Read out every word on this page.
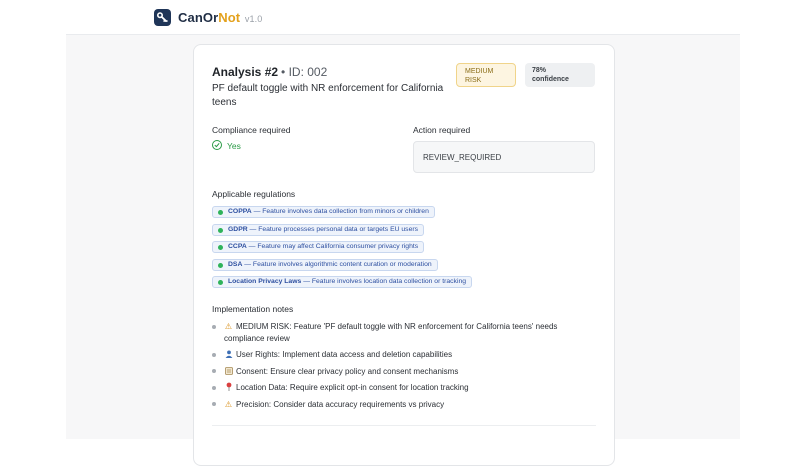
CanOrNot v1.0
Analysis #2 • ID: 002
PF default toggle with NR enforcement for California teens
MEDIUM
RISK
78%
confidence
Compliance required
Yes
Action required
REVIEW_REQUIRED
Applicable regulations
COPPA — Feature involves data collection from minors or children
GDPR — Feature processes personal data or targets EU users
CCPA — Feature may affect California consumer privacy rights
DSA — Feature involves algorithmic content curation or moderation
Location Privacy Laws — Feature involves location data collection or tracking
Implementation notes
⚠ MEDIUM RISK: Feature 'PF default toggle with NR enforcement for California teens' needs compliance review
User Rights: Implement data access and deletion capabilities
Consent: Ensure clear privacy policy and consent mechanisms
Location Data: Require explicit opt-in consent for location tracking
⚠ Precision: Consider data accuracy requirements vs privacy
